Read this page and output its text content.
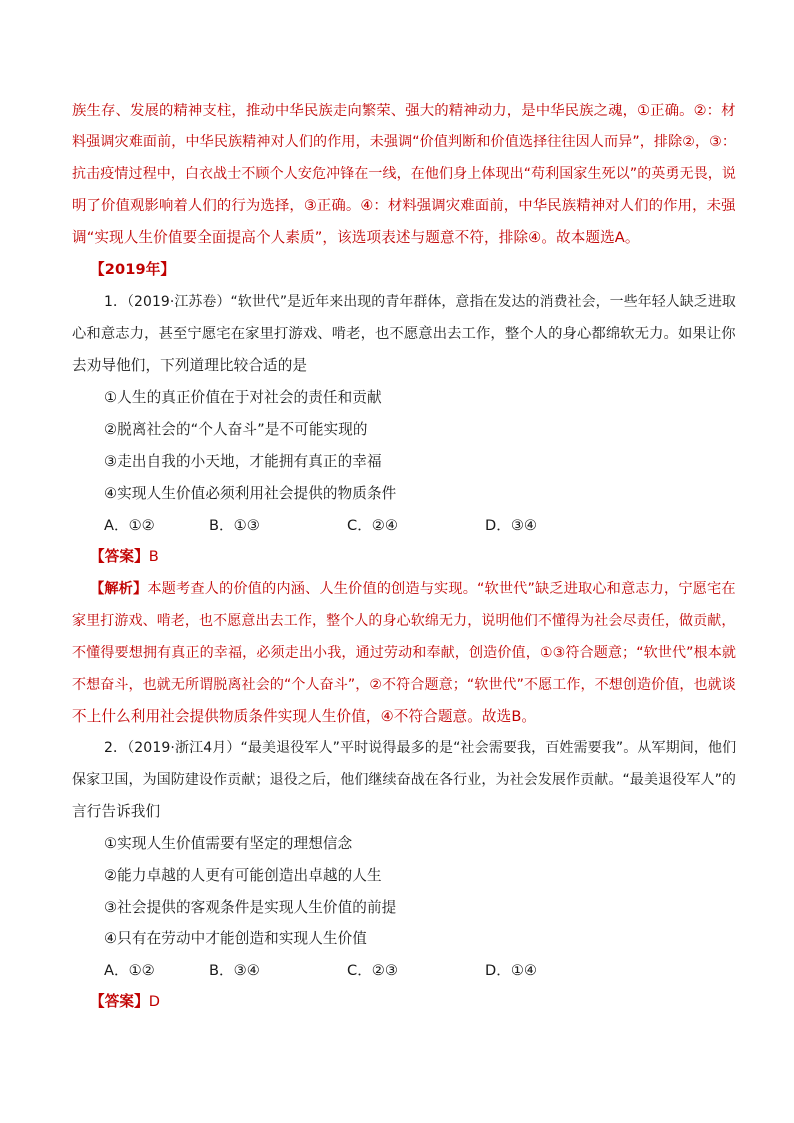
族生存、发展的精神支柱，推动中华民族走向繁荣、强大的精神动力，是中华民族之魂，①正确。②：材
料强调灾难面前，中华民族精神对人们的作用，未强调“价值判断和价值选择往往因人而异”，排除②，③：
抗击疫情过程中，白衣战士不顾个人安危冲锋在一线，在他们身上体现出“苟利国家生死以”的英勇无畏，说
明了价值观影响着人们的行为选择，③正确。④：材料强调灾难面前，中华民族精神对人们的作用，未强
调“实现人生价值要全面提高个人素质”，该选项表述与题意不符，排除④。故本题选A。
【2019年】
1．（2019·江苏卷）“软世代”是近年来出现的青年群体，意指在发达的消费社会，一些年轻人缺乏进取
心和意志力，甚至宁愿宅在家里打游戏、啃老，也不愿意出去工作，整个人的身心都绵软无力。如果让你
去劝导他们，下列道理比较合适的是
①人生的真正价值在于对社会的责任和贡献
②脱离社会的“个人奋斗”是不可能实现的
③走出自我的小天地，才能拥有真正的幸福
④实现人生价值必须利用社会提供的物质条件
A．①②	B．①③	C．②④	D．③④
【答案】B
【解析】本题考查人的价值的内涵、人生价值的创造与实现。“软世代”缺乏进取心和意志力，宁愿宅在
家里打游戏、啃老，也不愿意出去工作，整个人的身心软绵无力，说明他们不懂得为社会尽责任，做贡献，
不懂得要想拥有真正的幸福，必须走出小我，通过劳动和奉献，创造价值，①③符合题意；“软世代”根本就
不想奋斗，也就无所谓脱离社会的“个人奋斗”，②不符合题意；“软世代”不愿工作，不想创造价值，也就谈
不上什么利用社会提供物质条件实现人生价值，④不符合题意。故选B。
2．（2019·浙江4月）“最美退役军人”平时说得最多的是“社会需要我，百姓需要我”。从军期间，他们
保家卫国，为国防建设作贡献；退役之后，他们继续奋战在各行业，为社会发展作贡献。“最美退役军人”的
言行告诉我们
①实现人生价值需要有坚定的理想信念
②能力卓越的人更有可能创造出卓越的人生
③社会提供的客观条件是实现人生价值的前提
④只有在劳动中才能创造和实现人生价值
A．①②	B．③④	C．②③	D．①④
【答案】D
